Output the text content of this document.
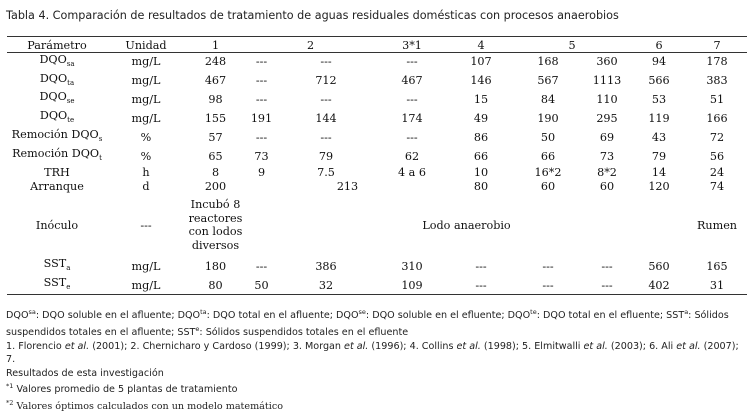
Tabla 4. Comparación de resultados de tratamiento de aguas residuales domésticas con procesos anaerobios
Parámetro	Unidad	1	2		3*1	4	5		6	7
$DQO_{sa}$	mg/L	248	---	---	---	107	168	360	94	178
$DQO_{ta}$	mg/L	467	---	712	467	146	567	1113	566	383
$DQO_{se}$	mg/L	98	---	---	---	15	84	110	53	51
$DQO_{te}$	mg/L	155	191	144	174	49	190	295	119	166
Remoción $DQO_s$	%	57	---	---	---	86	50	69	43	72
Remoción $DQO_t$	%	65	73	79	62	66	66	73	79	56
TRH	h	8	9	7.5	4 a 6	10	16*2	8*2	14	24
Arranque	d	200	213			80	60	60	120	74
Inóculo	---	Incubó 8 reactores con lodos diversos	Lodo anaerobio							Rumen
$SST_a$	mg/L	180	---	386	310	---	---	---	560	165
$SST_e$	mg/L	80	50	32	109	---	---	---	402	31

$DQO^{sa}$: DQO soluble en el afluente; $DQO^{ta}$: DQO total en el afluente; $DQO^{se}$: DQO soluble en el efluente; $DQO^{te}$: DQO total en el efluente; SST$^a$: Sólidos
suspendidos totales en el afluente; SST$^e$: Sólidos suspendidos totales en el efluente

1. Florencio et al. (2001); 2. Chernicharo y Cardoso (1999); 3. Morgan et al. (1996); 4. Collins et al. (1998); 5. Elmitwalli et al. (2003); 6. Ali et al. (2007); 7.
Resultados de esta investigación

$^{*1}$ Valores promedio de 5 plantas de tratamiento

$^{*2}$ Valores óptimos calculados con un modelo matemático
